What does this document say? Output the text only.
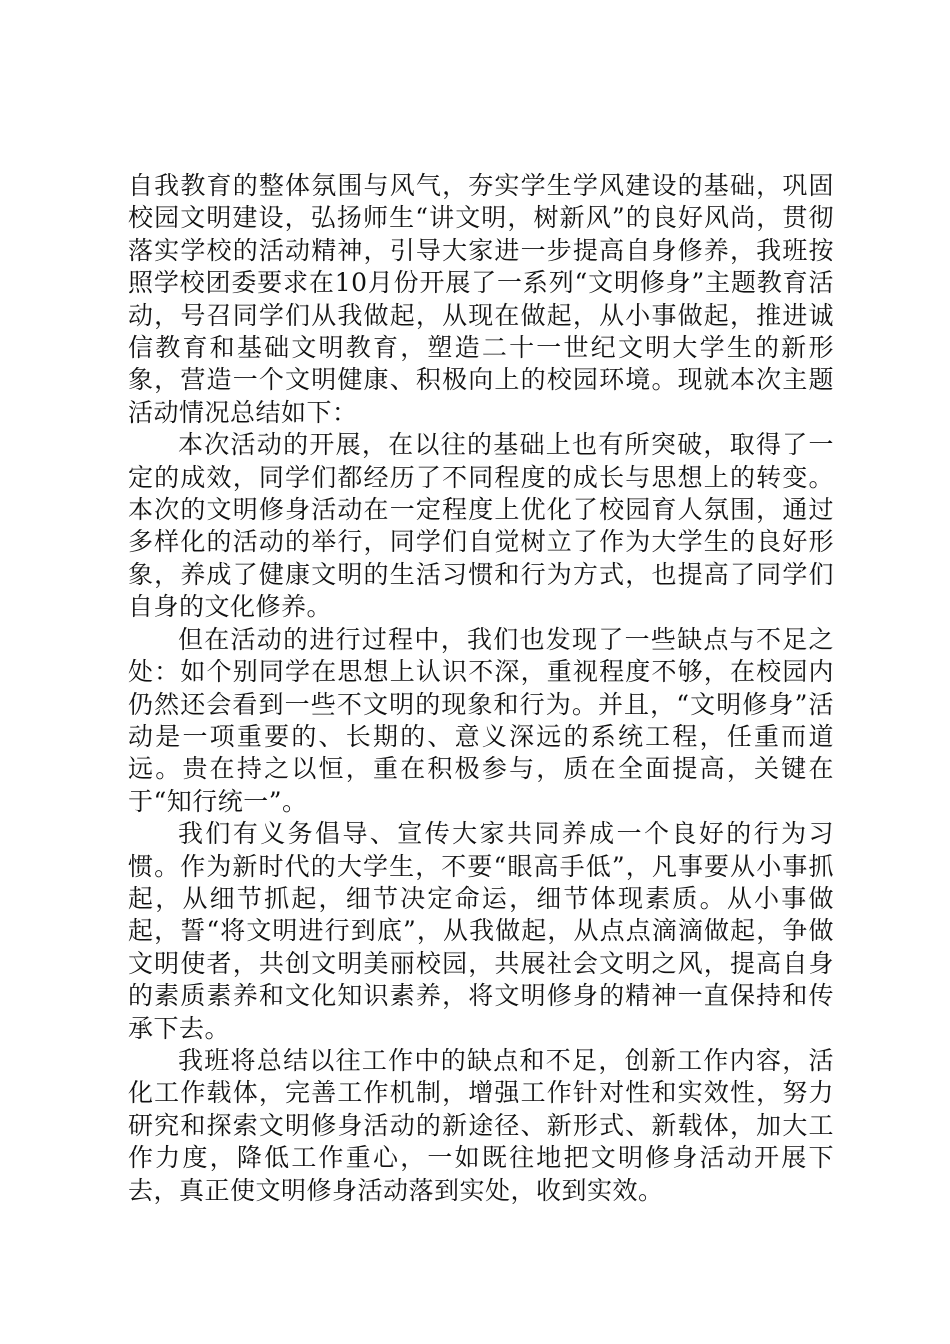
自我教育的整体氛围与风气，夯实学生学风建设的基础，巩固校园文明建设，弘扬师生“讲文明，树新风”的良好风尚，贯彻落实学校的活动精神，引导大家进一步提高自身修养，我班按照学校团委要求在10月份开展了一系列“文明修身”主题教育活动，号召同学们从我做起，从现在做起，从小事做起，推进诚信教育和基础文明教育，塑造二十一世纪文明大学生的新形象，营造一个文明健康、积极向上的校园环境。现就本次主题活动情况总结如下：

本次活动的开展，在以往的基础上也有所突破，取得了一定的成效，同学们都经历了不同程度的成长与思想上的转变。本次的文明修身活动在一定程度上优化了校园育人氛围，通过多样化的活动的举行，同学们自觉树立了作为大学生的良好形象，养成了健康文明的生活习惯和行为方式，也提高了同学们自身的文化修养。

但在活动的进行过程中，我们也发现了一些缺点与不足之处：如个别同学在思想上认识不深，重视程度不够，在校园内仍然还会看到一些不文明的现象和行为。并且，“文明修身”活动是一项重要的、长期的、意义深远的系统工程，任重而道远。贵在持之以恒，重在积极参与，质在全面提高，关键在于“知行统一”。

我们有义务倡导、宣传大家共同养成一个良好的行为习惯。作为新时代的大学生，不要“眼高手低”，凡事要从小事抓起，从细节抓起，细节决定命运，细节体现素质。从小事做起，誓“将文明进行到底”，从我做起，从点点滴滴做起，争做文明使者，共创文明美丽校园，共展社会文明之风，提高自身的素质素养和文化知识素养，将文明修身的精神一直保持和传承下去。

我班将总结以往工作中的缺点和不足，创新工作内容，活化工作载体，完善工作机制，增强工作针对性和实效性，努力研究和探索文明修身活动的新途径、新形式、新载体，加大工作力度，降低工作重心，一如既往地把文明修身活动开展下去，真正使文明修身活动落到实处，收到实效。
